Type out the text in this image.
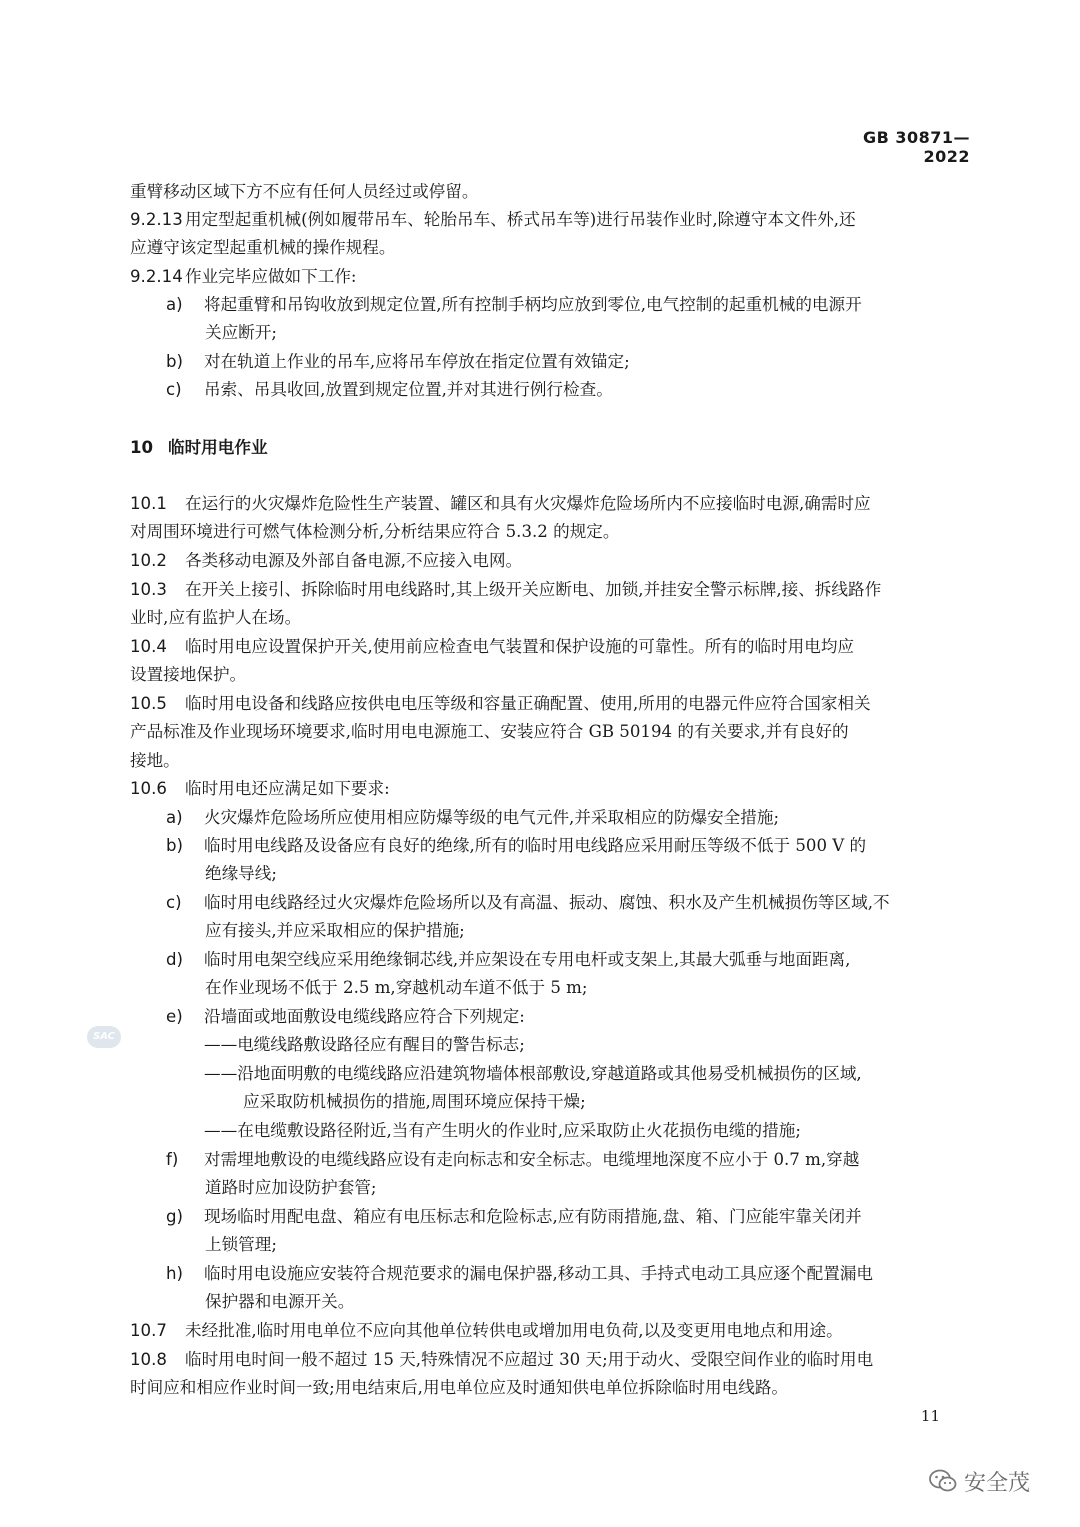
GB 30871—2022
重臂移动区域下方不应有任何人员经过或停留。
9.2.13 用定型起重机械(例如履带吊车、轮胎吊车、桥式吊车等)进行吊装作业时,除遵守本文件外,还
应遵守该定型起重机械的操作规程。
9.2.14 作业完毕应做如下工作:
a) 将起重臂和吊钩收放到规定位置,所有控制手柄均应放到零位,电气控制的起重机械的电源开
关应断开;
b) 对在轨道上作业的吊车,应将吊车停放在指定位置有效锚定;
c) 吊索、吊具收回,放置到规定位置,并对其进行例行检查。
10 临时用电作业
10.1 在运行的火灾爆炸危险性生产装置、罐区和具有火灾爆炸危险场所内不应接临时电源,确需时应
对周围环境进行可燃气体检测分析,分析结果应符合 5.3.2 的规定。
10.2 各类移动电源及外部自备电源,不应接入电网。
10.3 在开关上接引、拆除临时用电线路时,其上级开关应断电、加锁,并挂安全警示标牌,接、拆线路作
业时,应有监护人在场。
10.4 临时用电应设置保护开关,使用前应检查电气装置和保护设施的可靠性。所有的临时用电均应
设置接地保护。
10.5 临时用电设备和线路应按供电电压等级和容量正确配置、使用,所用的电器元件应符合国家相关
产品标准及作业现场环境要求,临时用电电源施工、安装应符合 GB 50194 的有关要求,并有良好的
接地。
10.6 临时用电还应满足如下要求:
a) 火灾爆炸危险场所应使用相应防爆等级的电气元件,并采取相应的防爆安全措施;
b) 临时用电线路及设备应有良好的绝缘,所有的临时用电线路应采用耐压等级不低于 500 V 的
绝缘导线;
c) 临时用电线路经过火灾爆炸危险场所以及有高温、振动、腐蚀、积水及产生机械损伤等区域,不
应有接头,并应采取相应的保护措施;
d) 临时用电架空线应采用绝缘铜芯线,并应架设在专用电杆或支架上,其最大弧垂与地面距离,
在作业现场不低于 2.5 m,穿越机动车道不低于 5 m;
e) 沿墙面或地面敷设电缆线路应符合下列规定:
——电缆线路敷设路径应有醒目的警告标志;
——沿地面明敷的电缆线路应沿建筑物墙体根部敷设,穿越道路或其他易受机械损伤的区域,
应采取防机械损伤的措施,周围环境应保持干燥;
——在电缆敷设路径附近,当有产生明火的作业时,应采取防止火花损伤电缆的措施;
f) 对需埋地敷设的电缆线路应设有走向标志和安全标志。电缆埋地深度不应小于 0.7 m,穿越
道路时应加设防护套管;
g) 现场临时用配电盘、箱应有电压标志和危险标志,应有防雨措施,盘、箱、门应能牢靠关闭并
上锁管理;
h) 临时用电设施应安装符合规范要求的漏电保护器,移动工具、手持式电动工具应逐个配置漏电
保护器和电源开关。
10.7 未经批准,临时用电单位不应向其他单位转供电或增加用电负荷,以及变更用电地点和用途。
10.8 临时用电时间一般不超过 15 天,特殊情况不应超过 30 天;用于动火、受限空间作业的临时用电
时间应和相应作业时间一致;用电结束后,用电单位应及时通知供电单位拆除临时用电线路。
11
SAC
安全茂
